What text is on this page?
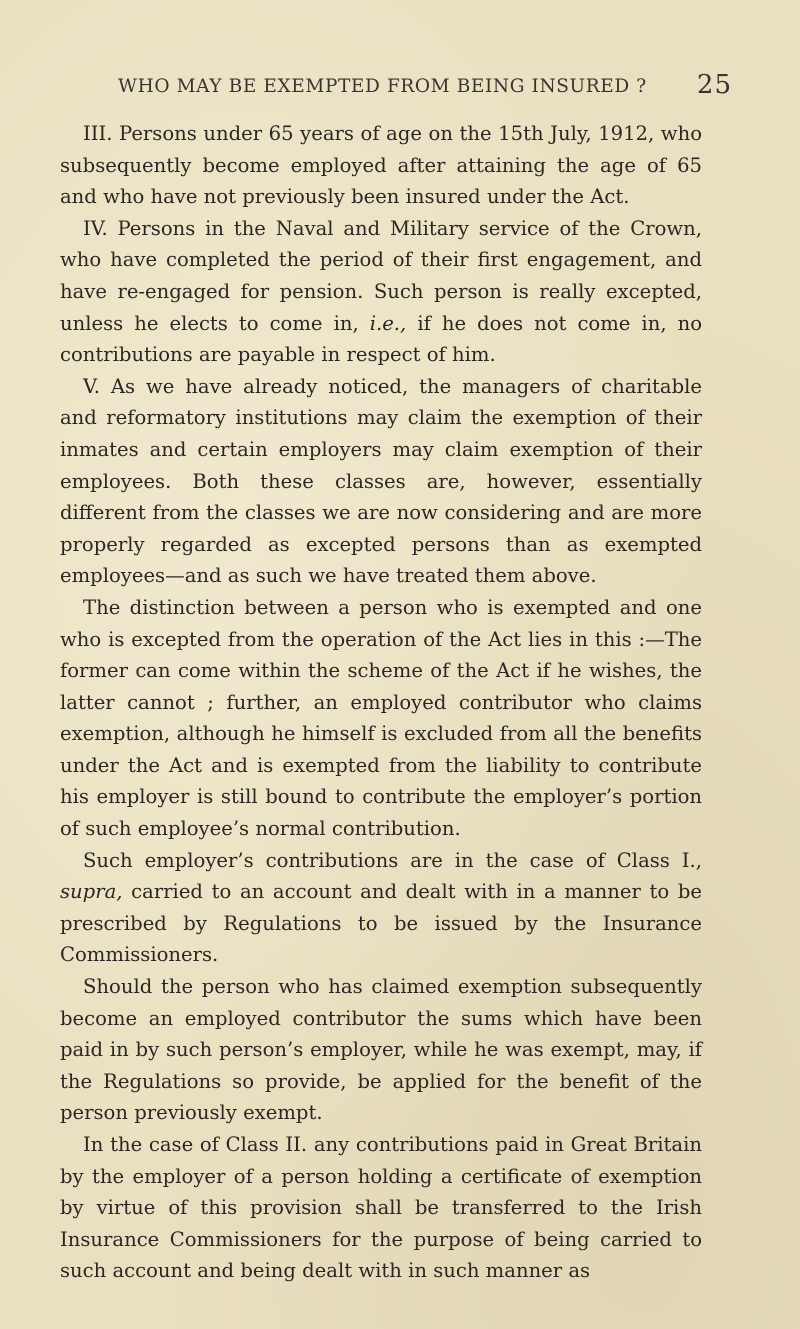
WHO MAY BE EXEMPTED FROM BEING INSURED ? 25

III. Persons under 65 years of age on the 15th July, 1912, who subsequently become employed after attaining the age of 65 and who have not previously been insured under the Act.

IV. Persons in the Naval and Military service of the Crown, who have completed the period of their first engagement, and have re-engaged for pension. Such person is really excepted, unless he elects to come in, i.e., if he does not come in, no contributions are payable in respect of him.

V. As we have already noticed, the managers of charitable and reformatory institutions may claim the exemption of their inmates and certain employers may claim exemption of their employees. Both these classes are, however, essentially different from the classes we are now considering and are more properly regarded as excepted persons than as exempted employees—and as such we have treated them above.

The distinction between a person who is exempted and one who is excepted from the operation of the Act lies in this :—The former can come within the scheme of the Act if he wishes, the latter cannot ; further, an employed contributor who claims exemption, although he himself is excluded from all the benefits under the Act and is exempted from the liability to contribute his employer is still bound to contribute the employer’s portion of such employee’s normal contribution.

Such employer’s contributions are in the case of Class I., supra, carried to an account and dealt with in a manner to be prescribed by Regulations to be issued by the Insurance Commissioners.

Should the person who has claimed exemption subsequently become an employed contributor the sums which have been paid in by such person’s employer, while he was exempt, may, if the Regulations so provide, be applied for the benefit of the person previously exempt.

In the case of Class II. any contributions paid in Great Britain by the employer of a person holding a certificate of exemption by virtue of this provision shall be transferred to the Irish Insurance Commissioners for the purpose of being carried to such account and being dealt with in such manner as
